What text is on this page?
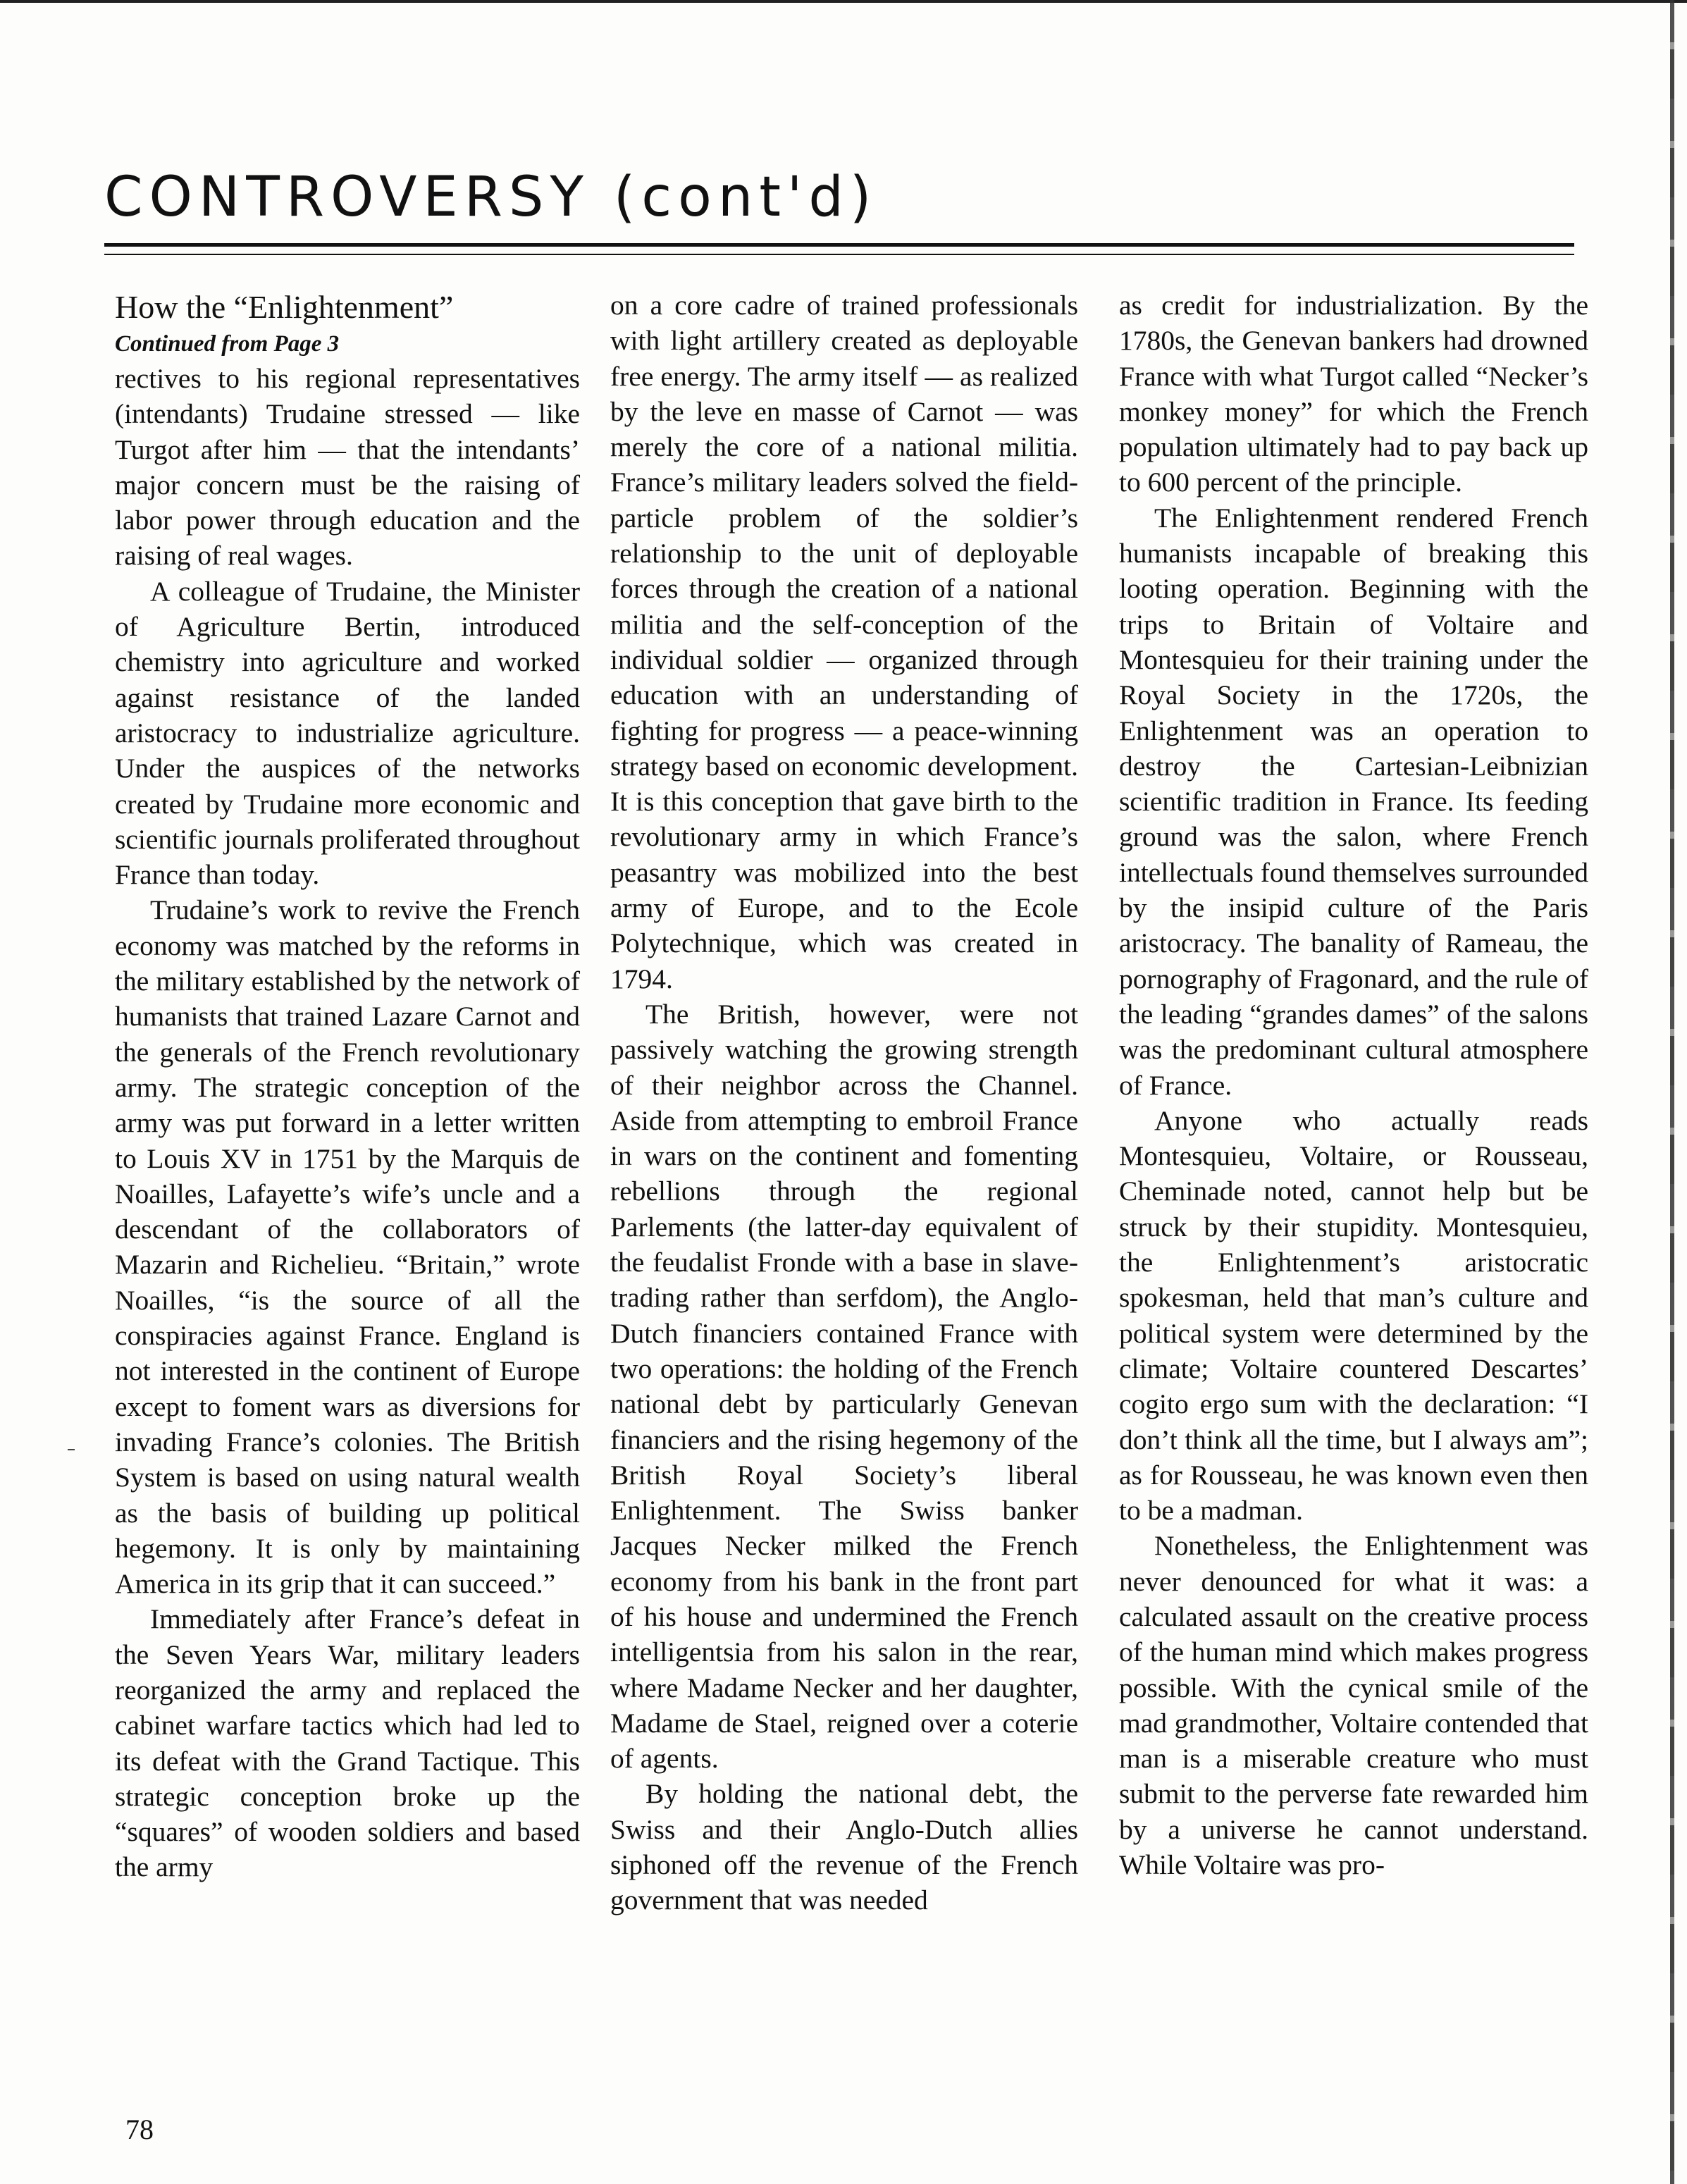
CONTROVERSY (cont'd)
How the “Enlightenment”
Continued from Page 3

rectives to his regional representatives (intendants) Trudaine stressed — like Turgot after him — that the intendants’ major concern must be the raising of labor power through education and the raising of real wages.

A colleague of Trudaine, the Minister of Agriculture Bertin, introduced chemistry into agriculture and worked against resistance of the landed aristocracy to industrialize agriculture. Under the auspices of the networks created by Trudaine more economic and scientific journals proliferated throughout France than today.

Trudaine’s work to revive the French economy was matched by the reforms in the military established by the network of humanists that trained Lazare Carnot and the generals of the French revolutionary army. The strategic conception of the army was put forward in a letter written to Louis XV in 1751 by the Marquis de Noailles, Lafayette’s wife’s uncle and a descendant of the collaborators of Mazarin and Richelieu. “Britain,” wrote Noailles, “is the source of all the conspiracies against France. England is not interested in the continent of Europe except to foment wars as diversions for invading France’s colonies. The British System is based on using natural wealth as the basis of building up political hegemony. It is only by maintaining America in its grip that it can succeed.”

Immediately after France’s defeat in the Seven Years War, military leaders reorganized the army and replaced the cabinet warfare tactics which had led to its defeat with the Grand Tactique. This strategic conception broke up the “squares” of wooden soldiers and based the army

on a core cadre of trained professionals with light artillery created as deployable free energy. The army itself — as realized by the leve en masse of Carnot — was merely the core of a national militia. France’s military leaders solved the field-particle problem of the soldier’s relationship to the unit of deployable forces through the creation of a national militia and the self-conception of the individual soldier — organized through education with an understanding of fighting for progress — a peace-winning strategy based on economic development. It is this conception that gave birth to the revolutionary army in which France’s peasantry was mobilized into the best army of Europe, and to the Ecole Polytechnique, which was created in 1794.

The British, however, were not passively watching the growing strength of their neighbor across the Channel. Aside from attempting to embroil France in wars on the continent and fomenting rebellions through the regional Parlements (the latter-day equivalent of the feudalist Fronde with a base in slave-trading rather than serfdom), the Anglo-Dutch financiers contained France with two operations: the holding of the French national debt by particularly Genevan financiers and the rising hegemony of the British Royal Society’s liberal Enlightenment. The Swiss banker Jacques Necker milked the French economy from his bank in the front part of his house and undermined the French intelligentsia from his salon in the rear, where Madame Necker and her daughter, Madame de Stael, reigned over a coterie of agents.

By holding the national debt, the Swiss and their Anglo-Dutch allies siphoned off the revenue of the French government that was needed

as credit for industrialization. By the 1780s, the Genevan bankers had drowned France with what Turgot called “Necker’s monkey money” for which the French population ultimately had to pay back up to 600 percent of the principle.

The Enlightenment rendered French humanists incapable of breaking this looting operation. Beginning with the trips to Britain of Voltaire and Montesquieu for their training under the Royal Society in the 1720s, the Enlightenment was an operation to destroy the Cartesian-Leibnizian scientific tradition in France. Its feeding ground was the salon, where French intellectuals found themselves surrounded by the insipid culture of the Paris aristocracy. The banality of Rameau, the pornography of Fragonard, and the rule of the leading “grandes dames” of the salons was the predominant cultural atmosphere of France.

Anyone who actually reads Montesquieu, Voltaire, or Rousseau, Cheminade noted, cannot help but be struck by their stupidity. Montesquieu, the Enlightenment’s aristocratic spokesman, held that man’s culture and political system were determined by the climate; Voltaire countered Descartes’ cogito ergo sum with the declaration: “I don’t think all the time, but I always am”; as for Rousseau, he was known even then to be a madman.

Nonetheless, the Enlightenment was never denounced for what it was: a calculated assault on the creative process of the human mind which makes progress possible. With the cynical smile of the mad grandmother, Voltaire contended that man is a miserable creature who must submit to the perverse fate rewarded him by a universe he cannot understand. While Voltaire was pro-

78
